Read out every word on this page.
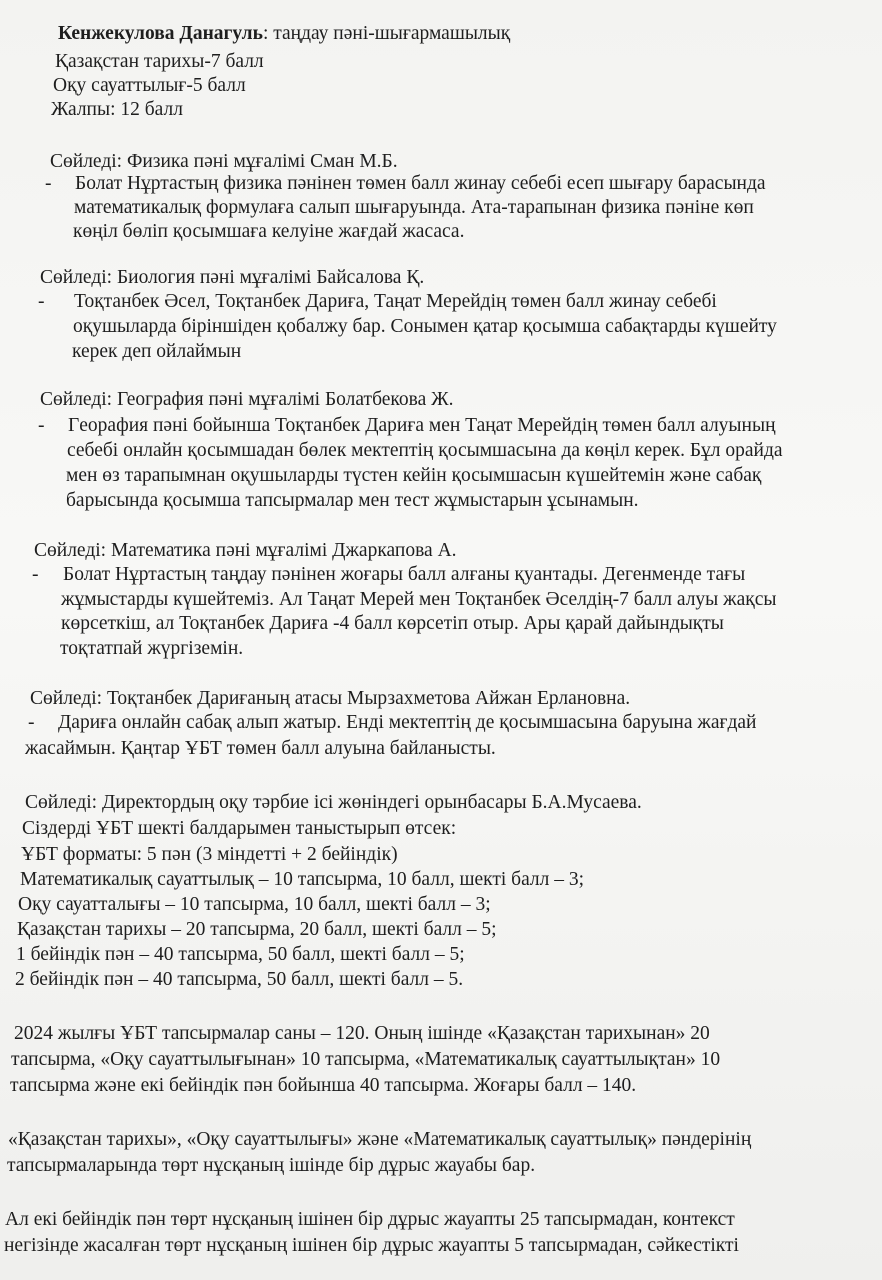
Кенжекулова Данагуль: таңдау пәні-шығармашылық
Қазақстан тарихы-7 балл
Оқу сауаттылығ-5 балл
Жалпы: 12 балл
Сөйледі: Физика пәні мұғалімі Сман М.Б.
- Болат Нұртастың физика пәнінен төмен балл жинау себебі есеп шығару барасында
математикалық формулаға салып шығаруында. Ата-тарапынан физика пәніне көп
көңіл бөліп қосымшаға келуіне жағдай жасаса.
Сөйледі: Биология пәні мұғалімі Байсалова Қ.
- Тоқтанбек Әсел, Тоқтанбек Дариға, Таңат Мерейдің төмен балл жинау себебі
оқушыларда біріншіден қобалжу бар. Сонымен қатар қосымша сабақтарды күшейту
керек деп ойлаймын
Сөйледі: География пәні мұғалімі Болатбекова Ж.
- Гeорафия пәні бойынша Тоқтанбек Дариға мен Таңат Мерейдің төмен балл алуының
себебі онлайн қосымшадан бөлек мектептің қосымшасына да көңіл керек. Бұл орайда
мен өз тарапымнан оқушыларды түстен кейін қосымшасын күшейтемін және сабақ
барысында қосымша тапсырмалар мен тест жұмыстарын ұсынамын.
Сөйледі: Математика пәні мұғалімі Джаркапова А.
- Болат Нұртастың таңдау пәнінен жоғары балл алғаны қуантады. Дегенменде тағы
жұмыстарды күшейтеміз. Ал Таңат Мерей мен Тоқтанбек Әселдің-7 балл алуы жақсы
көрсеткіш, ал Тоқтанбек Дариға -4 балл көрсетіп отыр. Ары қарай дайындықты
тоқтатпай жүргіземін.
Сөйледі: Тоқтанбек Дариғаның атасы Мырзахметова Айжан Ерлановна.
- Дариға онлайн сабақ алып жатыр. Енді мектептің де қосымшасына баруына жағдай
жасаймын. Қаңтар ҰБТ төмен балл алуына байланысты.
Сөйледі: Директордың оқу тәрбие ісі жөніндегі орынбасары Б.А.Мусаева.
Сіздерді ҰБТ шекті балдарымен таныстырып өтсек:
ҰБТ форматы: 5 пән (3 міндетті + 2 бейіндік)
Математикалық сауаттылық – 10 тапсырма, 10 балл, шекті балл – 3;
Оқу сауатталығы – 10 тапсырма, 10 балл, шекті балл – 3;
Қазақстан тарихы – 20 тапсырма, 20 балл, шекті балл – 5;
1 бейіндік пән – 40 тапсырма, 50 балл, шекті балл – 5;
2 бейіндік пән – 40 тапсырма, 50 балл, шекті балл – 5.
2024 жылғы ҰБТ тапсырмалар саны – 120. Оның ішінде «Қазақстан тарихынан» 20
тапсырма, «Оқу сауаттылығынан» 10 тапсырма, «Математикалық сауаттылықтан» 10
тапсырма және екі бейіндік пән бойынша 40 тапсырма. Жоғары балл – 140.
«Қазақстан тарихы», «Оқу сауаттылығы» және «Математикалық сауаттылық» пәндерінің
тапсырмаларында төрт нұсқаның ішінде бір дұрыс жауабы бар.
Ал екі бейіндік пән төрт нұсқаның ішінен бір дұрыс жауапты 25 тапсырмадан, контекст
негізінде жасалған төрт нұсқаның ішінен бір дұрыс жауапты 5 тапсырмадан, сәйкестікті
